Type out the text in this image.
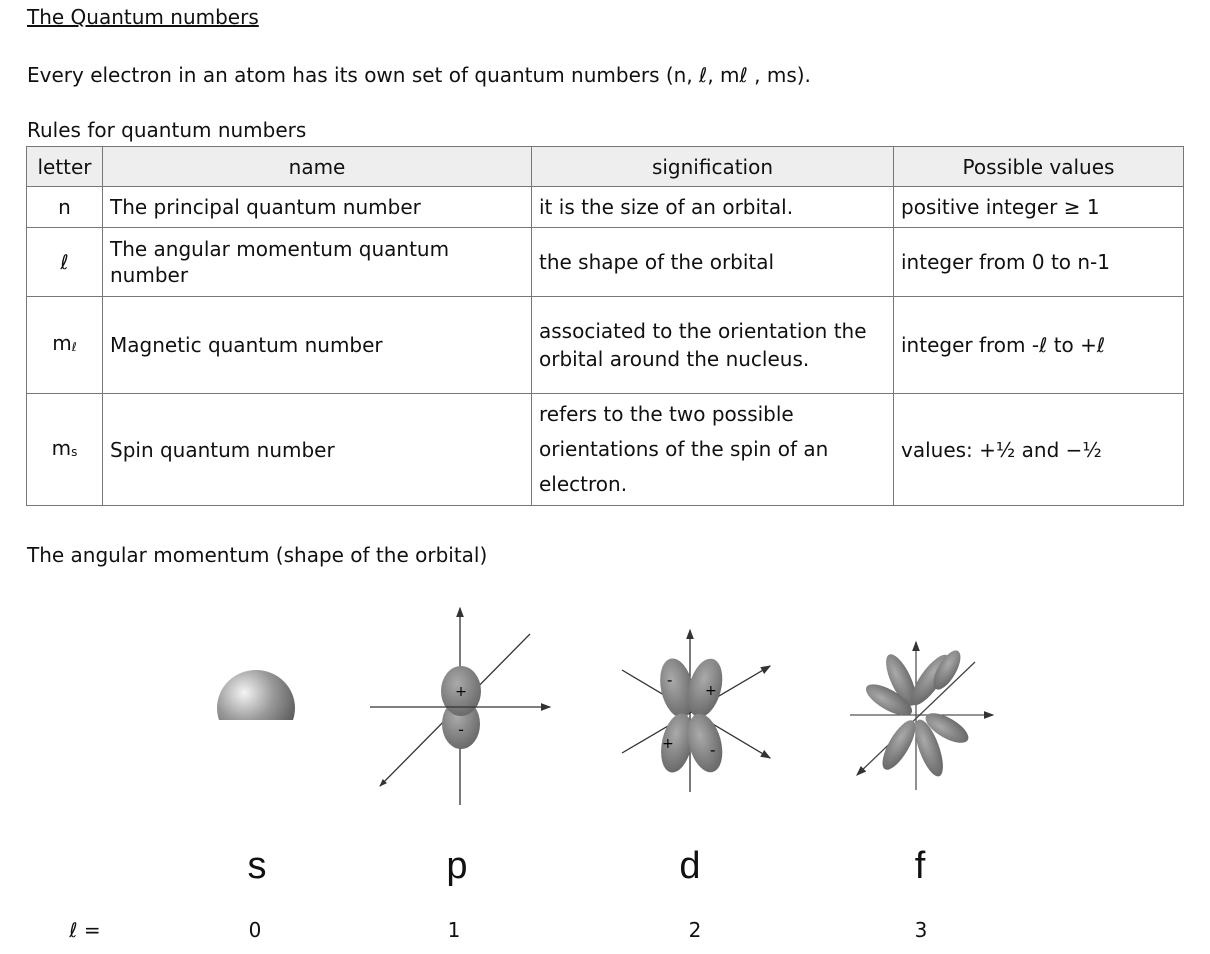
The Quantum numbers
Every electron in an atom has its own set of quantum numbers (n, ℓ, mℓ , ms).
Rules for quantum numbers
letter	name	signification	Possible values
n	The principal quantum number	it is the size of an orbital.	positive integer ≥ 1
ℓ	The angular momentum quantum number	the shape of the orbital	integer from 0 to n-1
$m_\ell$	Magnetic quantum number	associated to the orientation the orbital around the nucleus.	integer from -ℓ to +ℓ
$m_s$	Spin quantum number	refers to the two possible orientations of the spin of an electron.	values: +½ and −½
The angular momentum (shape of the orbital)
+
-
-
+
+ -
s	p	d	f
ℓ =	0	1	2	3
